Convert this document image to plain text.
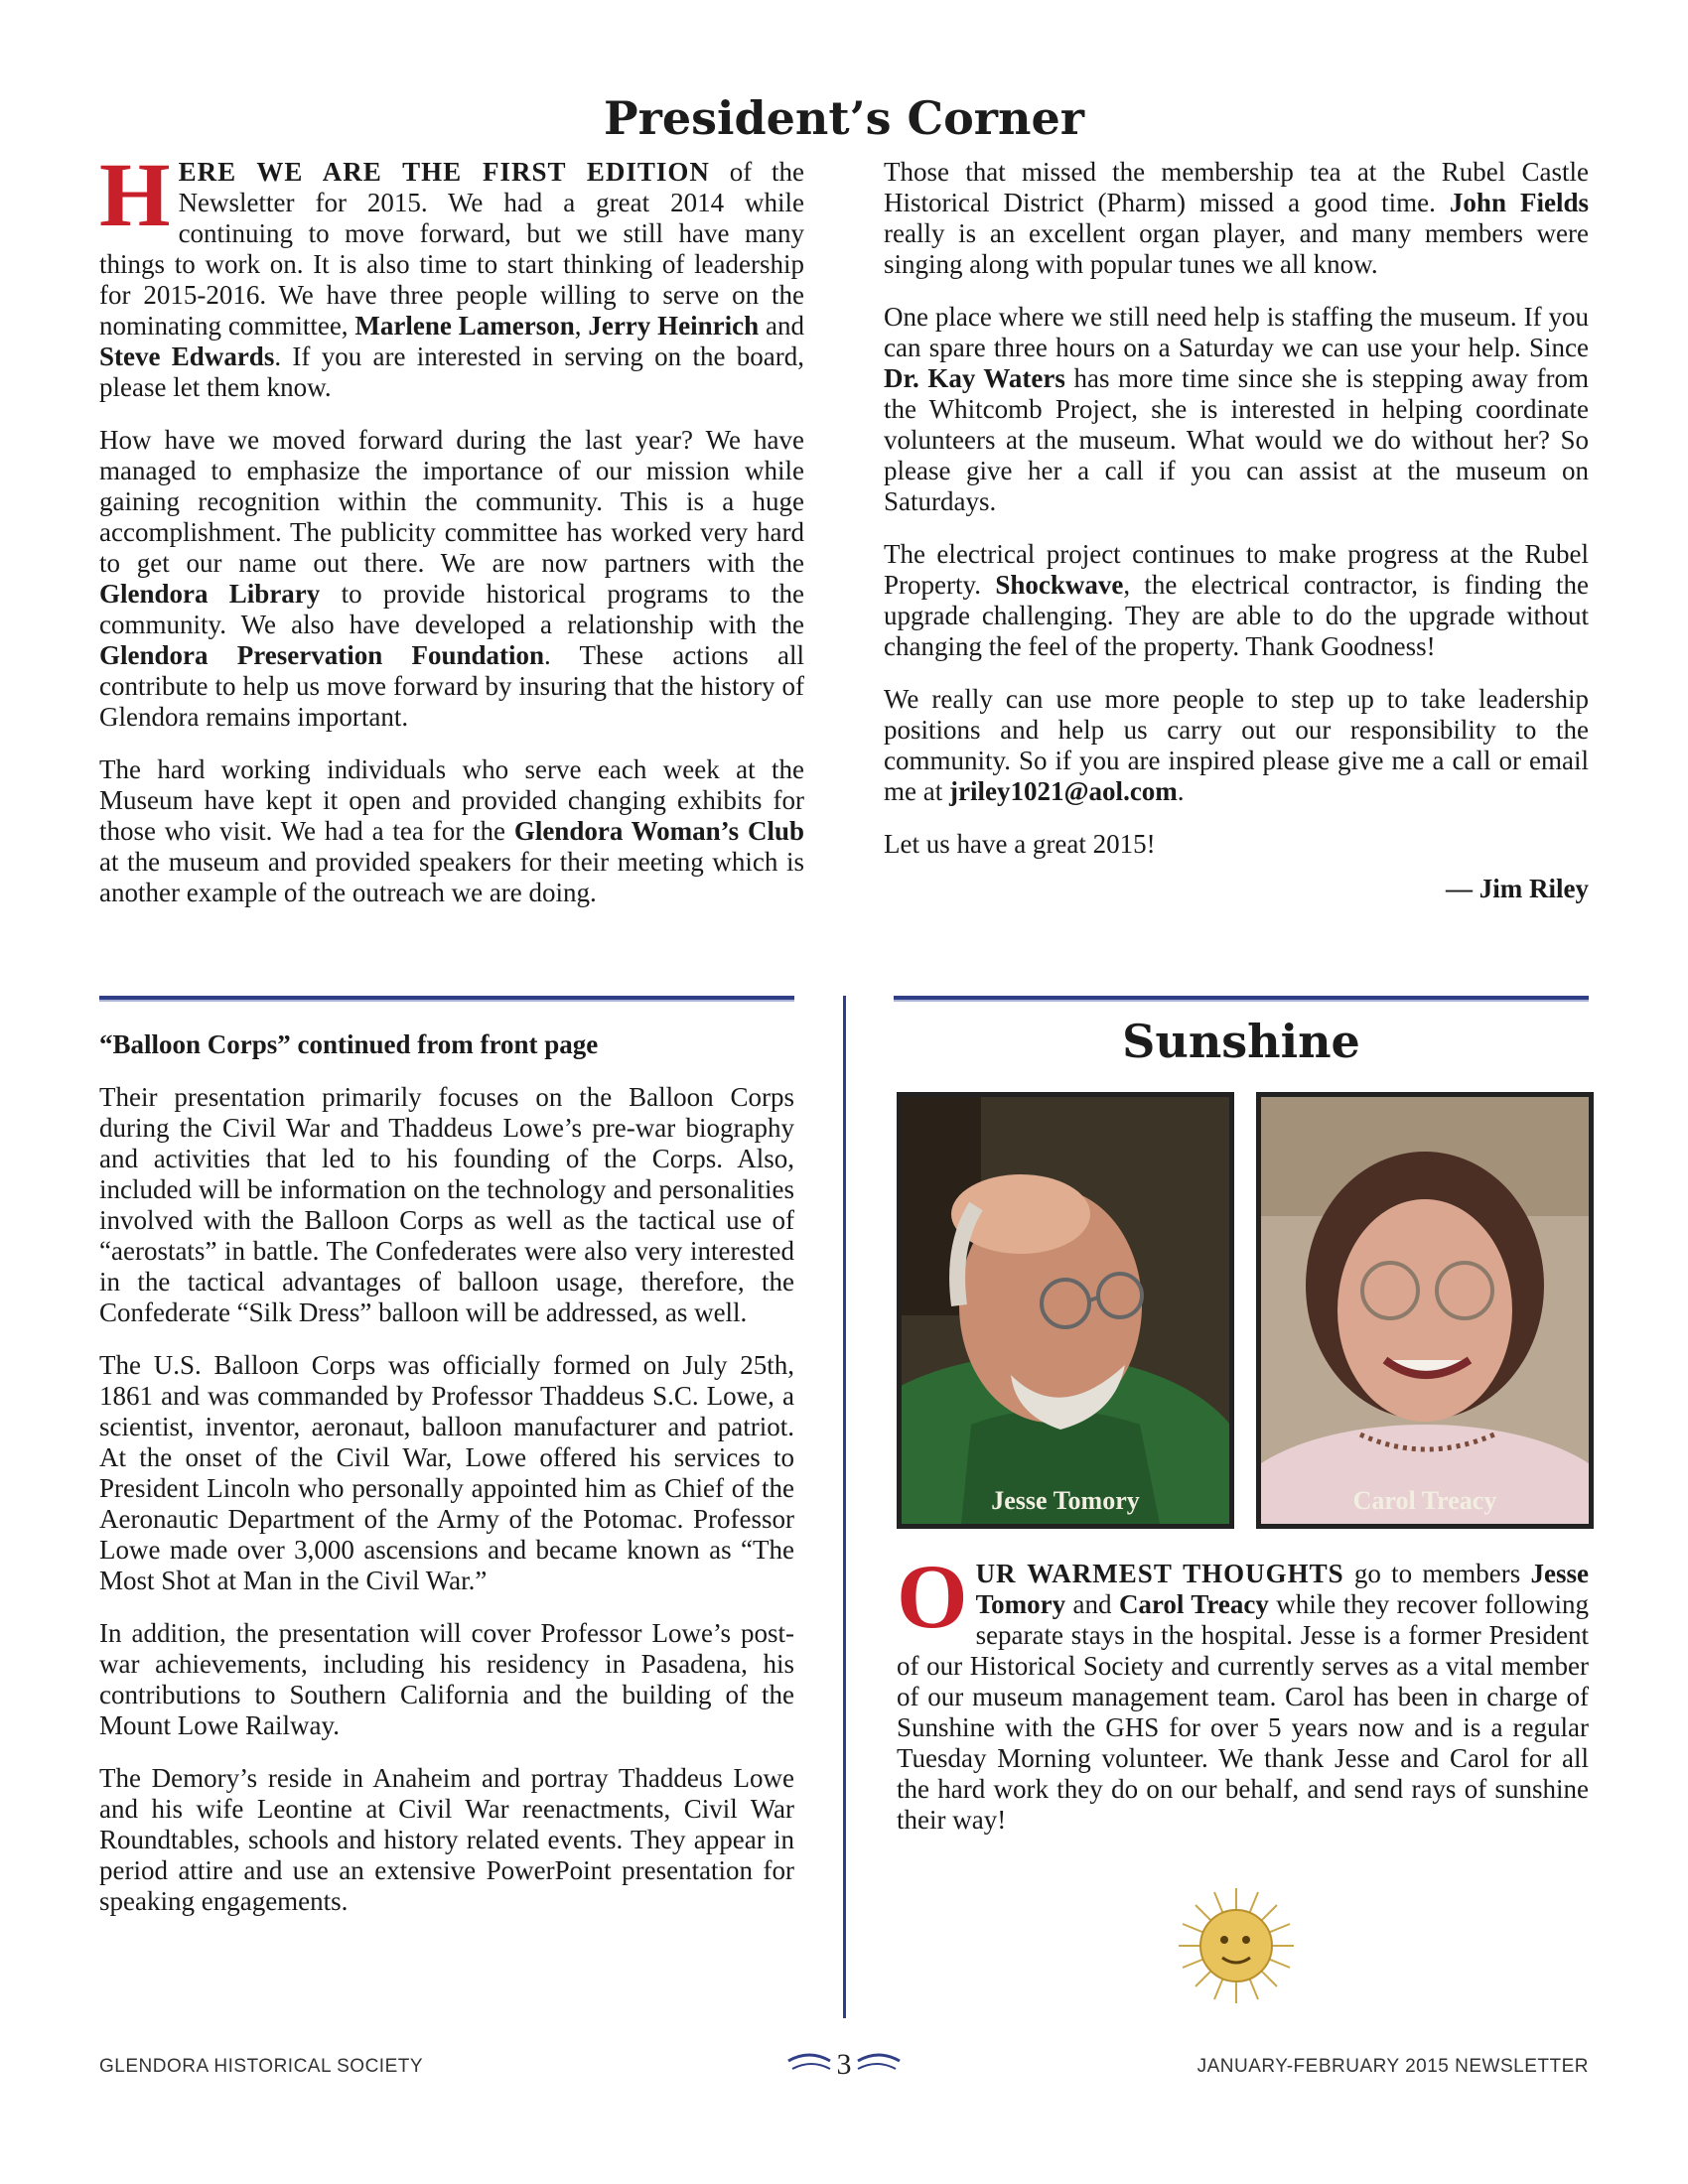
President’s Corner

HERE WE ARE THE FIRST EDITION of the Newsletter for 2015. We had a great 2014 while continuing to move forward, but we still have many things to work on. It is also time to start thinking of leadership for 2015-2016. We have three people willing to serve on the nominating committee, Marlene Lamerson, Jerry Heinrich and Steve Edwards. If you are interested in serving on the board, please let them know.

How have we moved forward during the last year? We have managed to emphasize the importance of our mission while gaining recognition within the community. This is a huge accomplishment. The publicity committee has worked very hard to get our name out there. We are now partners with the Glendora Library to provide historical programs to the community. We also have developed a relationship with the Glendora Preservation Foundation. These actions all contribute to help us move forward by insuring that the history of Glendora remains important.

The hard working individuals who serve each week at the Museum have kept it open and provided changing exhibits for those who visit. We had a tea for the Glendora Woman’s Club at the museum and provided speakers for their meeting which is another example of the outreach we are doing.

Those that missed the membership tea at the Rubel Castle Historical District (Pharm) missed a good time. John Fields really is an excellent organ player, and many members were singing along with popular tunes we all know.

One place where we still need help is staffing the museum. If you can spare three hours on a Saturday we can use your help. Since Dr. Kay Waters has more time since she is stepping away from the Whitcomb Project, she is interested in helping coordinate volunteers at the museum. What would we do without her? So please give her a call if you can assist at the museum on Saturdays.

The electrical project continues to make progress at the Rubel Property. Shockwave, the electrical contractor, is finding the upgrade challenging. They are able to do the upgrade without changing the feel of the property. Thank Goodness!

We really can use more people to step up to take leadership positions and help us carry out our responsibility to the community. So if you are inspired please give me a call or email me at jriley1021@aol.com.

Let us have a great 2015!

— Jim Riley

“Balloon Corps” continued from front page

Their presentation primarily focuses on the Balloon Corps during the Civil War and Thaddeus Lowe’s pre-war biography and activities that led to his founding of the Corps. Also, included will be information on the technology and personalities involved with the Balloon Corps as well as the tactical use of “aerostats” in battle. The Confederates were also very interested in the tactical advantages of balloon usage, therefore, the Confederate “Silk Dress” balloon will be addressed, as well.

The U.S. Balloon Corps was officially formed on July 25th, 1861 and was commanded by Professor Thaddeus S.C. Lowe, a scientist, inventor, aeronaut, balloon manufacturer and patriot. At the onset of the Civil War, Lowe offered his services to President Lincoln who personally appointed him as Chief of the Aeronautic Department of the Army of the Potomac. Professor Lowe made over 3,000 ascensions and became known as “The Most Shot at Man in the Civil War.”

In addition, the presentation will cover Professor Lowe’s post-war achievements, including his residency in Pasadena, his contributions to Southern California and the building of the Mount Lowe Railway.

The Demory’s reside in Anaheim and portray Thaddeus Lowe and his wife Leontine at Civil War reenactments, Civil War Roundtables, schools and history related events. They appear in period attire and use an extensive PowerPoint presentation for speaking engagements.

Sunshine
Jesse Tomory	Carol Treacy

OUR WARMEST THOUGHTS go to members Jesse Tomory and Carol Treacy while they recover following separate stays in the hospital. Jesse is a former President of our Historical Society and currently serves as a vital member of our museum management team. Carol has been in charge of Sunshine with the GHS for over 5 years now and is a regular Tuesday Morning volunteer. We thank Jesse and Carol for all the hard work they do on our behalf, and send rays of sunshine their way!

GLENDORA HISTORICAL SOCIETY	3	JANUARY-FEBRUARY 2015 NEWSLETTER
